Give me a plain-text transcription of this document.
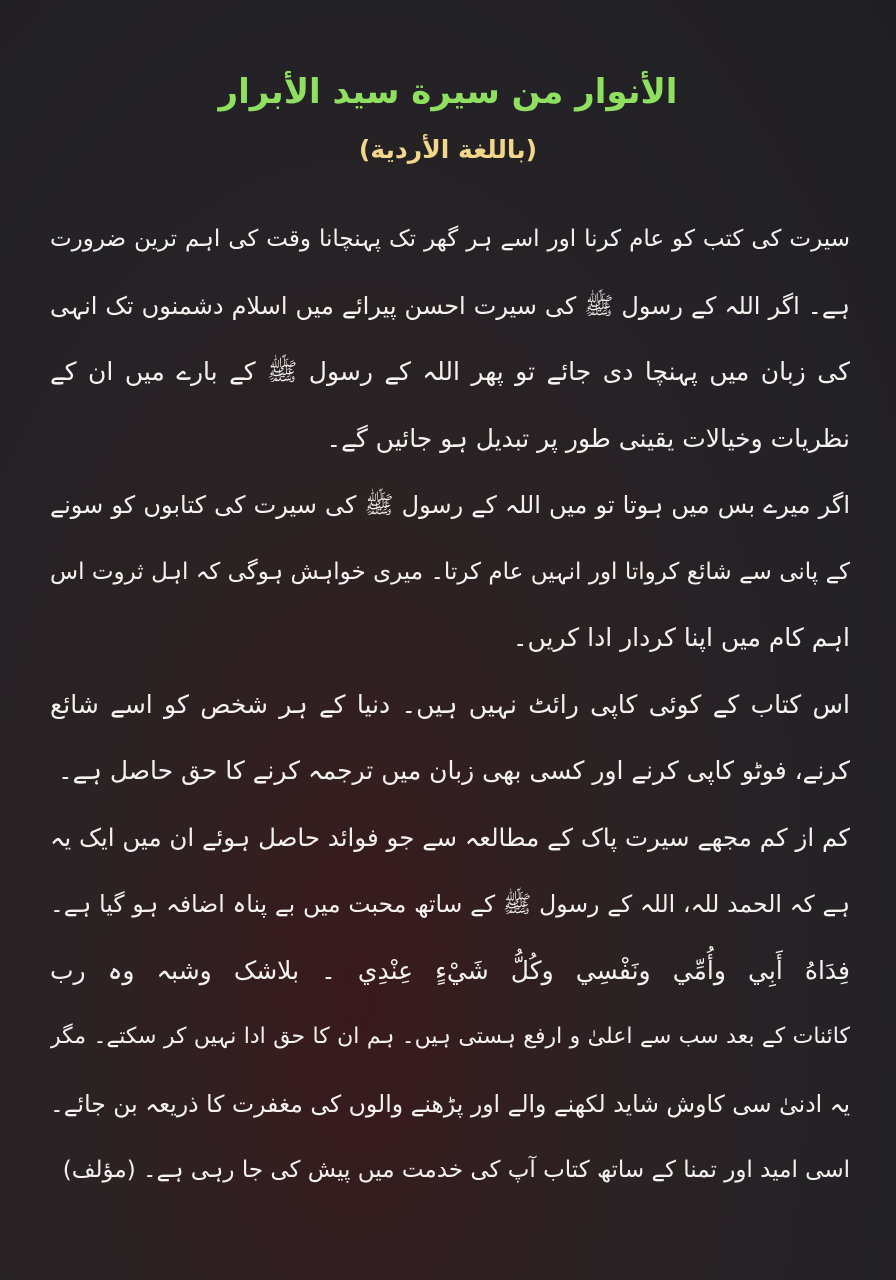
الأنوار من سيرة سيد الأبرار
(باللغة الأردية)
سیرت کی کتب کو عام کرنا اور اسے ہر گھر تک پہنچانا وقت کی اہم ترین ضرورت
ہے۔ اگر اللہ کے رسول ﷺ کی سیرت احسن پیرائے میں اسلام دشمنوں تک انہی
کی زبان میں پہنچا دی جائے تو پھر اللہ کے رسول ﷺ کے بارے میں ان کے
نظریات وخیالات یقینی طور پر تبدیل ہو جائیں گے۔
اگر میرے بس میں ہوتا تو میں اللہ کے رسول ﷺ کی سیرت کی کتابوں کو سونے
کے پانی سے شائع کرواتا اور انہیں عام کرتا۔ میری خواہش ہوگی کہ اہل ثروت اس
اہم کام میں اپنا کردار ادا کریں۔
اس کتاب کے کوئی کاپی رائٹ نہیں ہیں۔ دنیا کے ہر شخص کو اسے شائع
کرنے، فوٹو کاپی کرنے اور کسی بھی زبان میں ترجمہ کرنے کا حق حاصل ہے۔
کم از کم مجھے سیرت پاک کے مطالعہ سے جو فوائد حاصل ہوئے ان میں ایک یہ
ہے کہ الحمد للہ، اللہ کے رسول ﷺ کے ساتھ محبت میں بے پناہ اضافہ ہو گیا ہے۔
فِدَاهُ أَبِي وأُمِّي ونَفْسِي وكُلُّ شَيْءٍ عِنْدِي ۔ بلاشک وشبہ وہ رب
کائنات کے بعد سب سے اعلیٰ و ارفع ہستی ہیں۔ ہم ان کا حق ادا نہیں کر سکتے۔ مگر
یہ ادنیٰ سی کاوش شاید لکھنے والے اور پڑھنے والوں کی مغفرت کا ذریعہ بن جائے۔
اسی امید اور تمنا کے ساتھ کتاب آپ کی خدمت میں پیش کی جا رہی ہے۔ (مؤلف)
